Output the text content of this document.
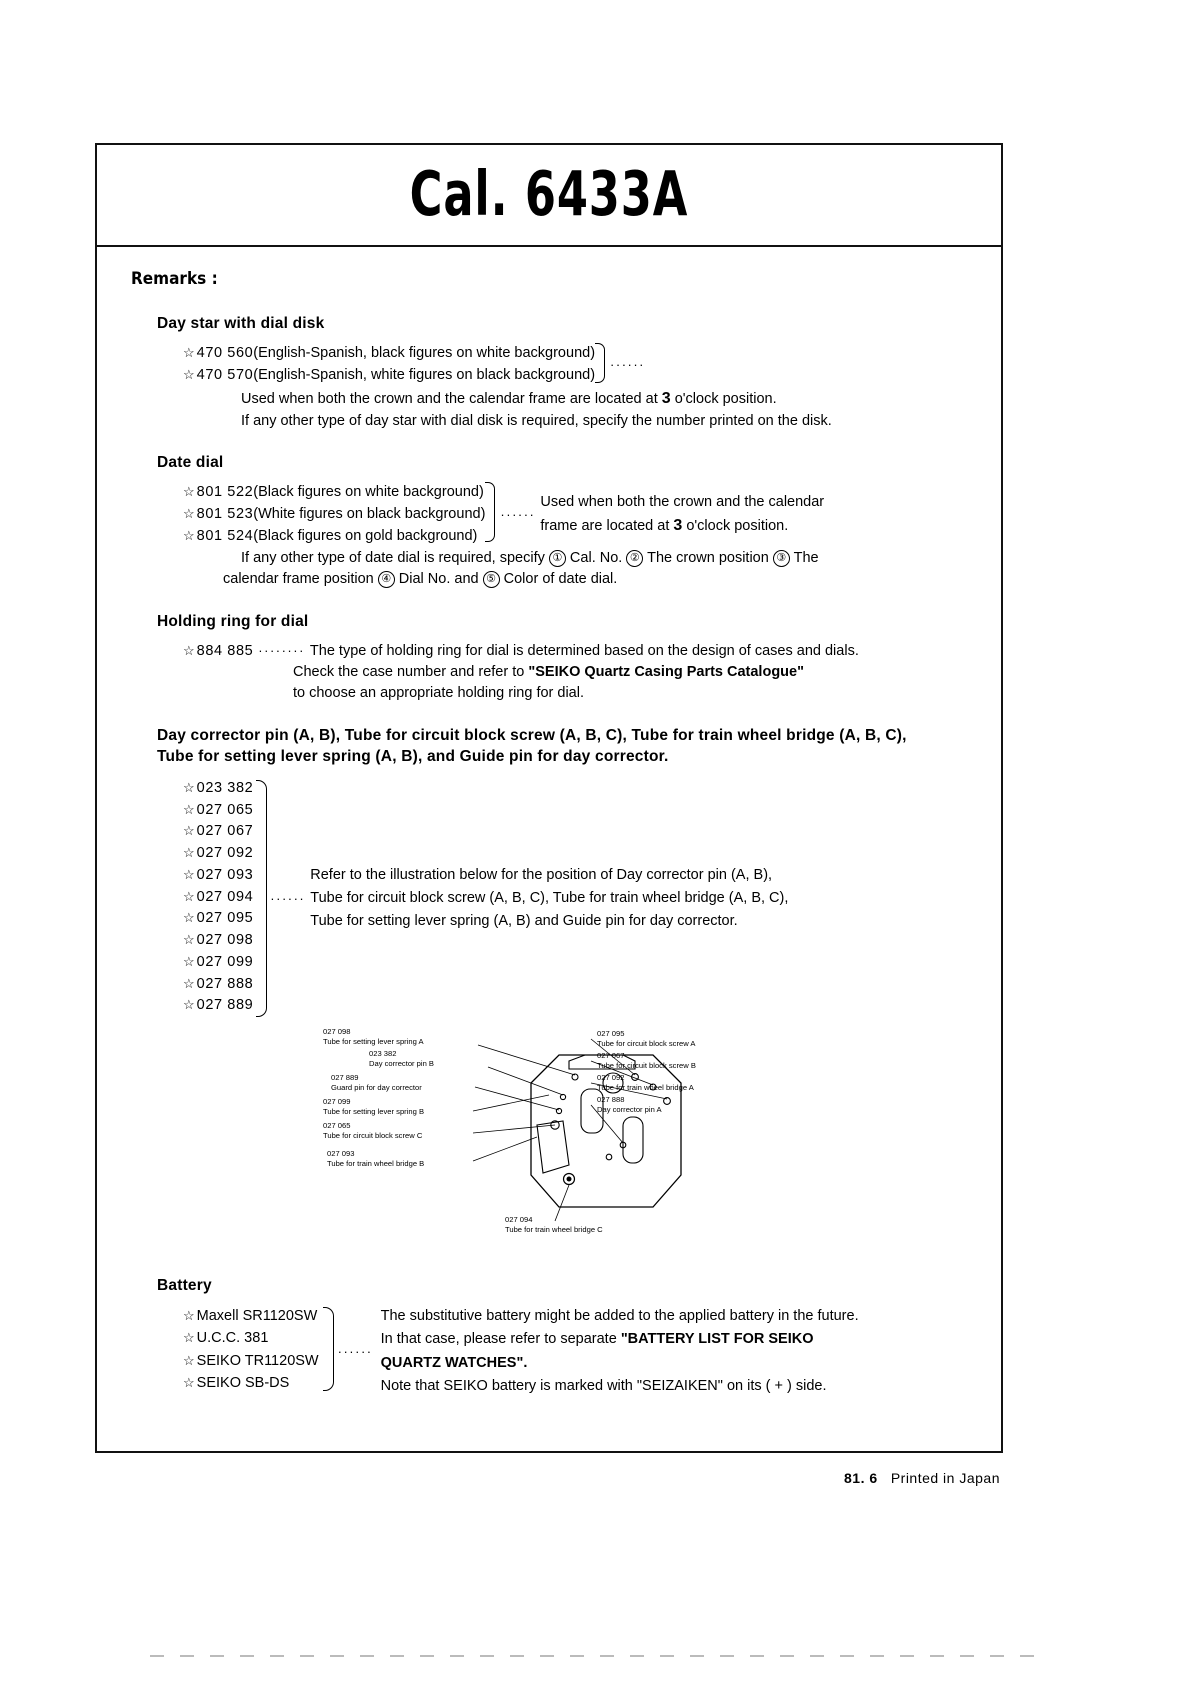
Cal. 6433A
Remarks :
Day star with dial disk
☆ 470 560(English-Spanish, black figures on white background)
☆ 470 570(English-Spanish, white figures on black background)
······
Used when both the crown and the calendar frame are located at 3 o'clock position.
If any other type of day star with dial disk is required, specify the number printed on the disk.
Date dial
☆ 801 522(Black figures on white background)
☆ 801 523(White figures on black background)
☆ 801 524(Black figures on gold background)
······
Used when both the crown and the calendar
frame are located at 3 o'clock position.
If any other type of date dial is required, specify ① Cal. No. ② The crown position ③ The
calendar frame position ④ Dial No. and ⑤ Color of date dial.
Holding ring for dial
☆ 884 885 ········ The type of holding ring for dial is determined based on the design of cases and dials.
Check the case number and refer to "SEIKO Quartz Casing Parts Catalogue"
to choose an appropriate holding ring for dial.
Day corrector pin (A, B), Tube for circuit block screw (A, B, C), Tube for train wheel bridge (A, B, C),
Tube for setting lever spring (A, B), and Guide pin for day corrector.
☆ 023 382
☆ 027 065
☆ 027 067
☆ 027 092
☆ 027 093
☆ 027 094
☆ 027 095
☆ 027 098
☆ 027 099
☆ 027 888
☆ 027 889
······
Refer to the illustration below for the position of Day corrector pin (A, B),
Tube for circuit block screw (A, B, C), Tube for train wheel bridge (A, B, C),
Tube for setting lever spring (A, B) and Guide pin for day corrector.
027 098
Tube for setting lever spring A
023 382
Day corrector pin B
027 889
Guard pin for day corrector
027 099
Tube for setting lever spring B
027 065
Tube for circuit block screw C
027 093
Tube for train wheel bridge B
027 095
Tube for circuit block screw A
027 067
Tube for circuit block screw B
027 092
Tube for train wheel bridge A
027 888
Day corrector pin A
027 094
Tube for train wheel bridge C
Battery
☆ Maxell SR1120SW
☆ U.C.C. 381
☆ SEIKO TR1120SW
☆ SEIKO SB-DS
······
The substitutive battery might be added to the applied battery in the future.
In that case, please refer to separate "BATTERY LIST FOR SEIKO
QUARTZ WATCHES".
Note that SEIKO battery is marked with "SEIZAIKEN" on its ( + ) side.
81. 6 Printed in Japan
